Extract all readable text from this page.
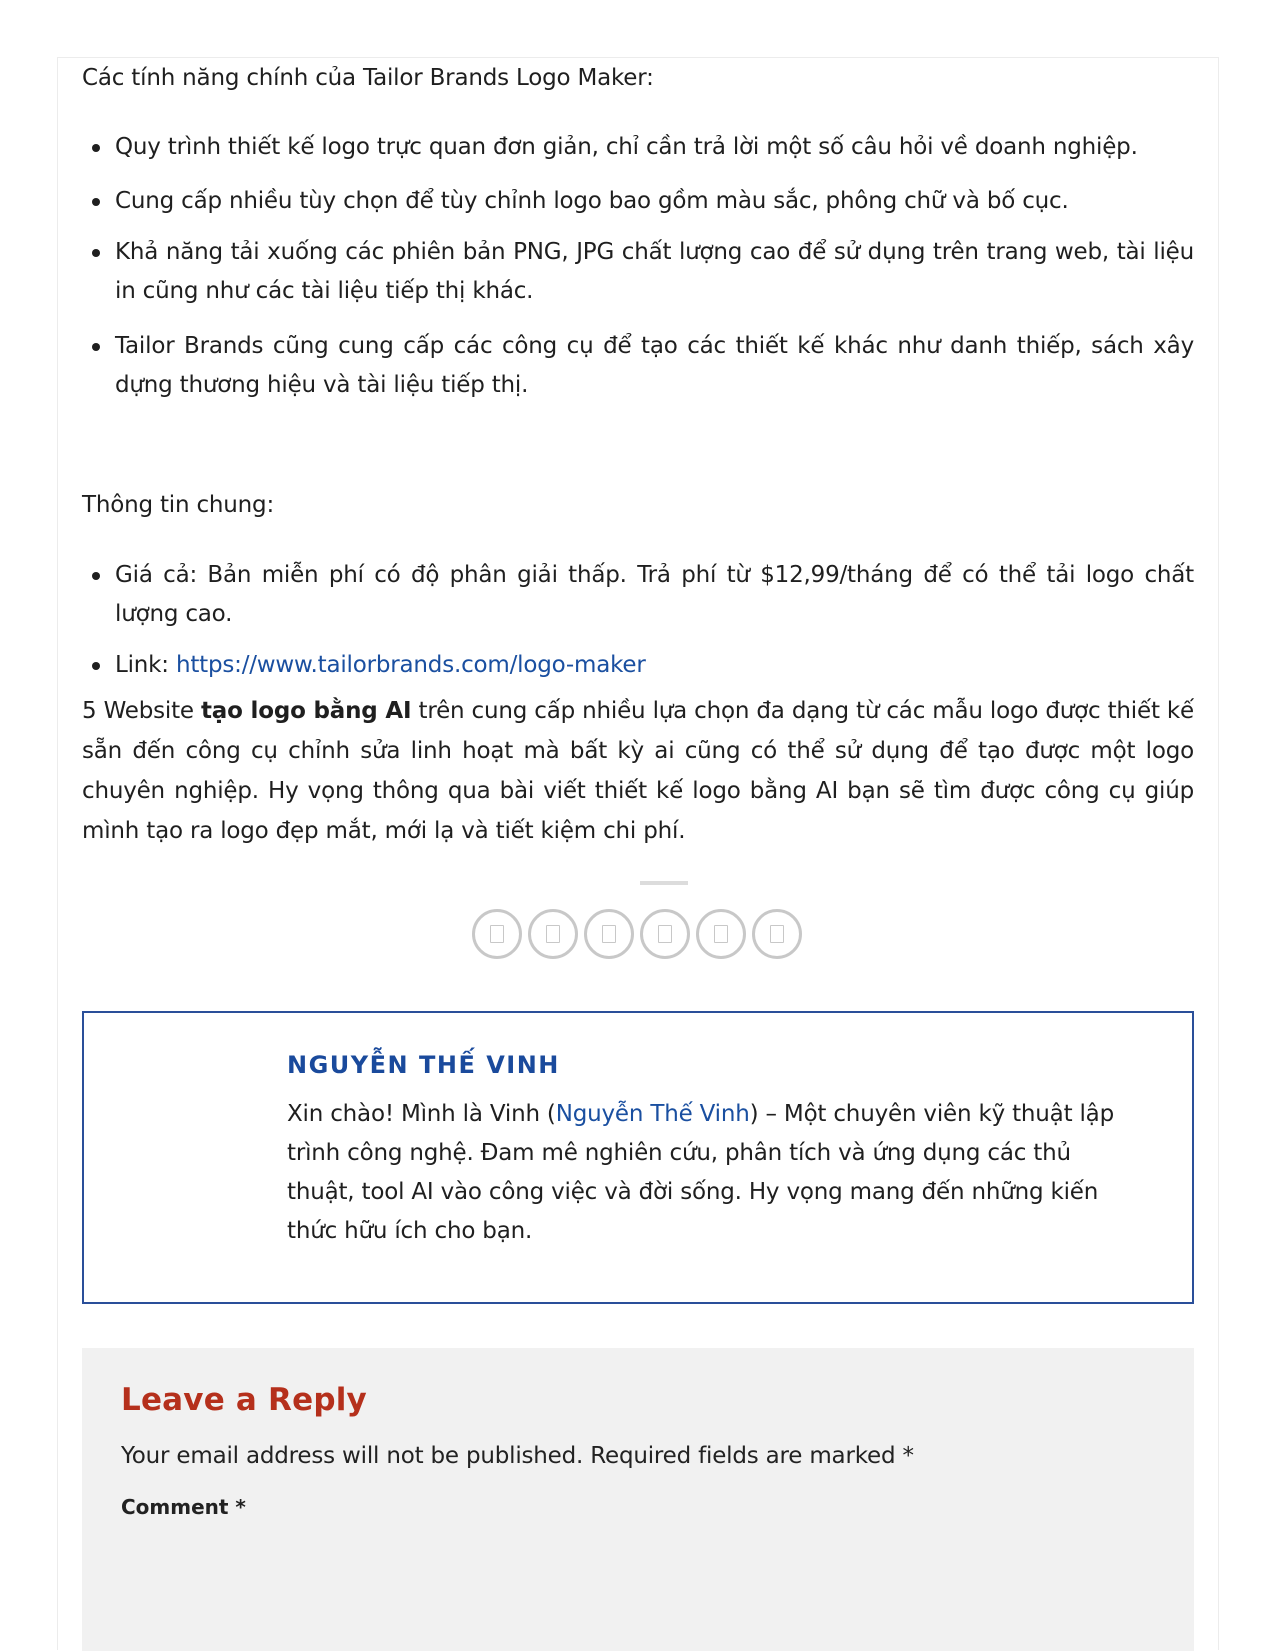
Các tính năng chính của Tailor Brands Logo Maker:

Quy trình thiết kế logo trực quan đơn giản, chỉ cần trả lời một số câu hỏi về doanh nghiệp.
Cung cấp nhiều tùy chọn để tùy chỉnh logo bao gồm màu sắc, phông chữ và bố cục.
Khả năng tải xuống các phiên bản PNG, JPG chất lượng cao để sử dụng trên trang web, tài liệu in cũng như các tài liệu tiếp thị khác.
Tailor Brands cũng cung cấp các công cụ để tạo các thiết kế khác như danh thiếp, sách xây dựng thương hiệu và tài liệu tiếp thị.

Thông tin chung:

Giá cả: Bản miễn phí có độ phân giải thấp. Trả phí từ $12,99/tháng để có thể tải logo chất lượng cao.
Link: https://www.tailorbrands.com/logo-maker

5 Website tạo logo bằng AI trên cung cấp nhiều lựa chọn đa dạng từ các mẫu logo được thiết kế sẵn đến công cụ chỉnh sửa linh hoạt mà bất kỳ ai cũng có thể sử dụng để tạo được một logo chuyên nghiệp. Hy vọng thông qua bài viết thiết kế logo bằng AI bạn sẽ tìm được công cụ giúp mình tạo ra logo đẹp mắt, mới lạ và tiết kiệm chi phí.

NGUYỄN THẾ VINH

Xin chào! Mình là Vinh (Nguyễn Thế Vinh) – Một chuyên viên kỹ thuật lập trình công nghệ. Đam mê nghiên cứu, phân tích và ứng dụng các thủ thuật, tool AI vào công việc và đời sống. Hy vọng mang đến những kiến thức hữu ích cho bạn.

Leave a Reply
Your email address will not be published. Required fields are marked *
Comment *
